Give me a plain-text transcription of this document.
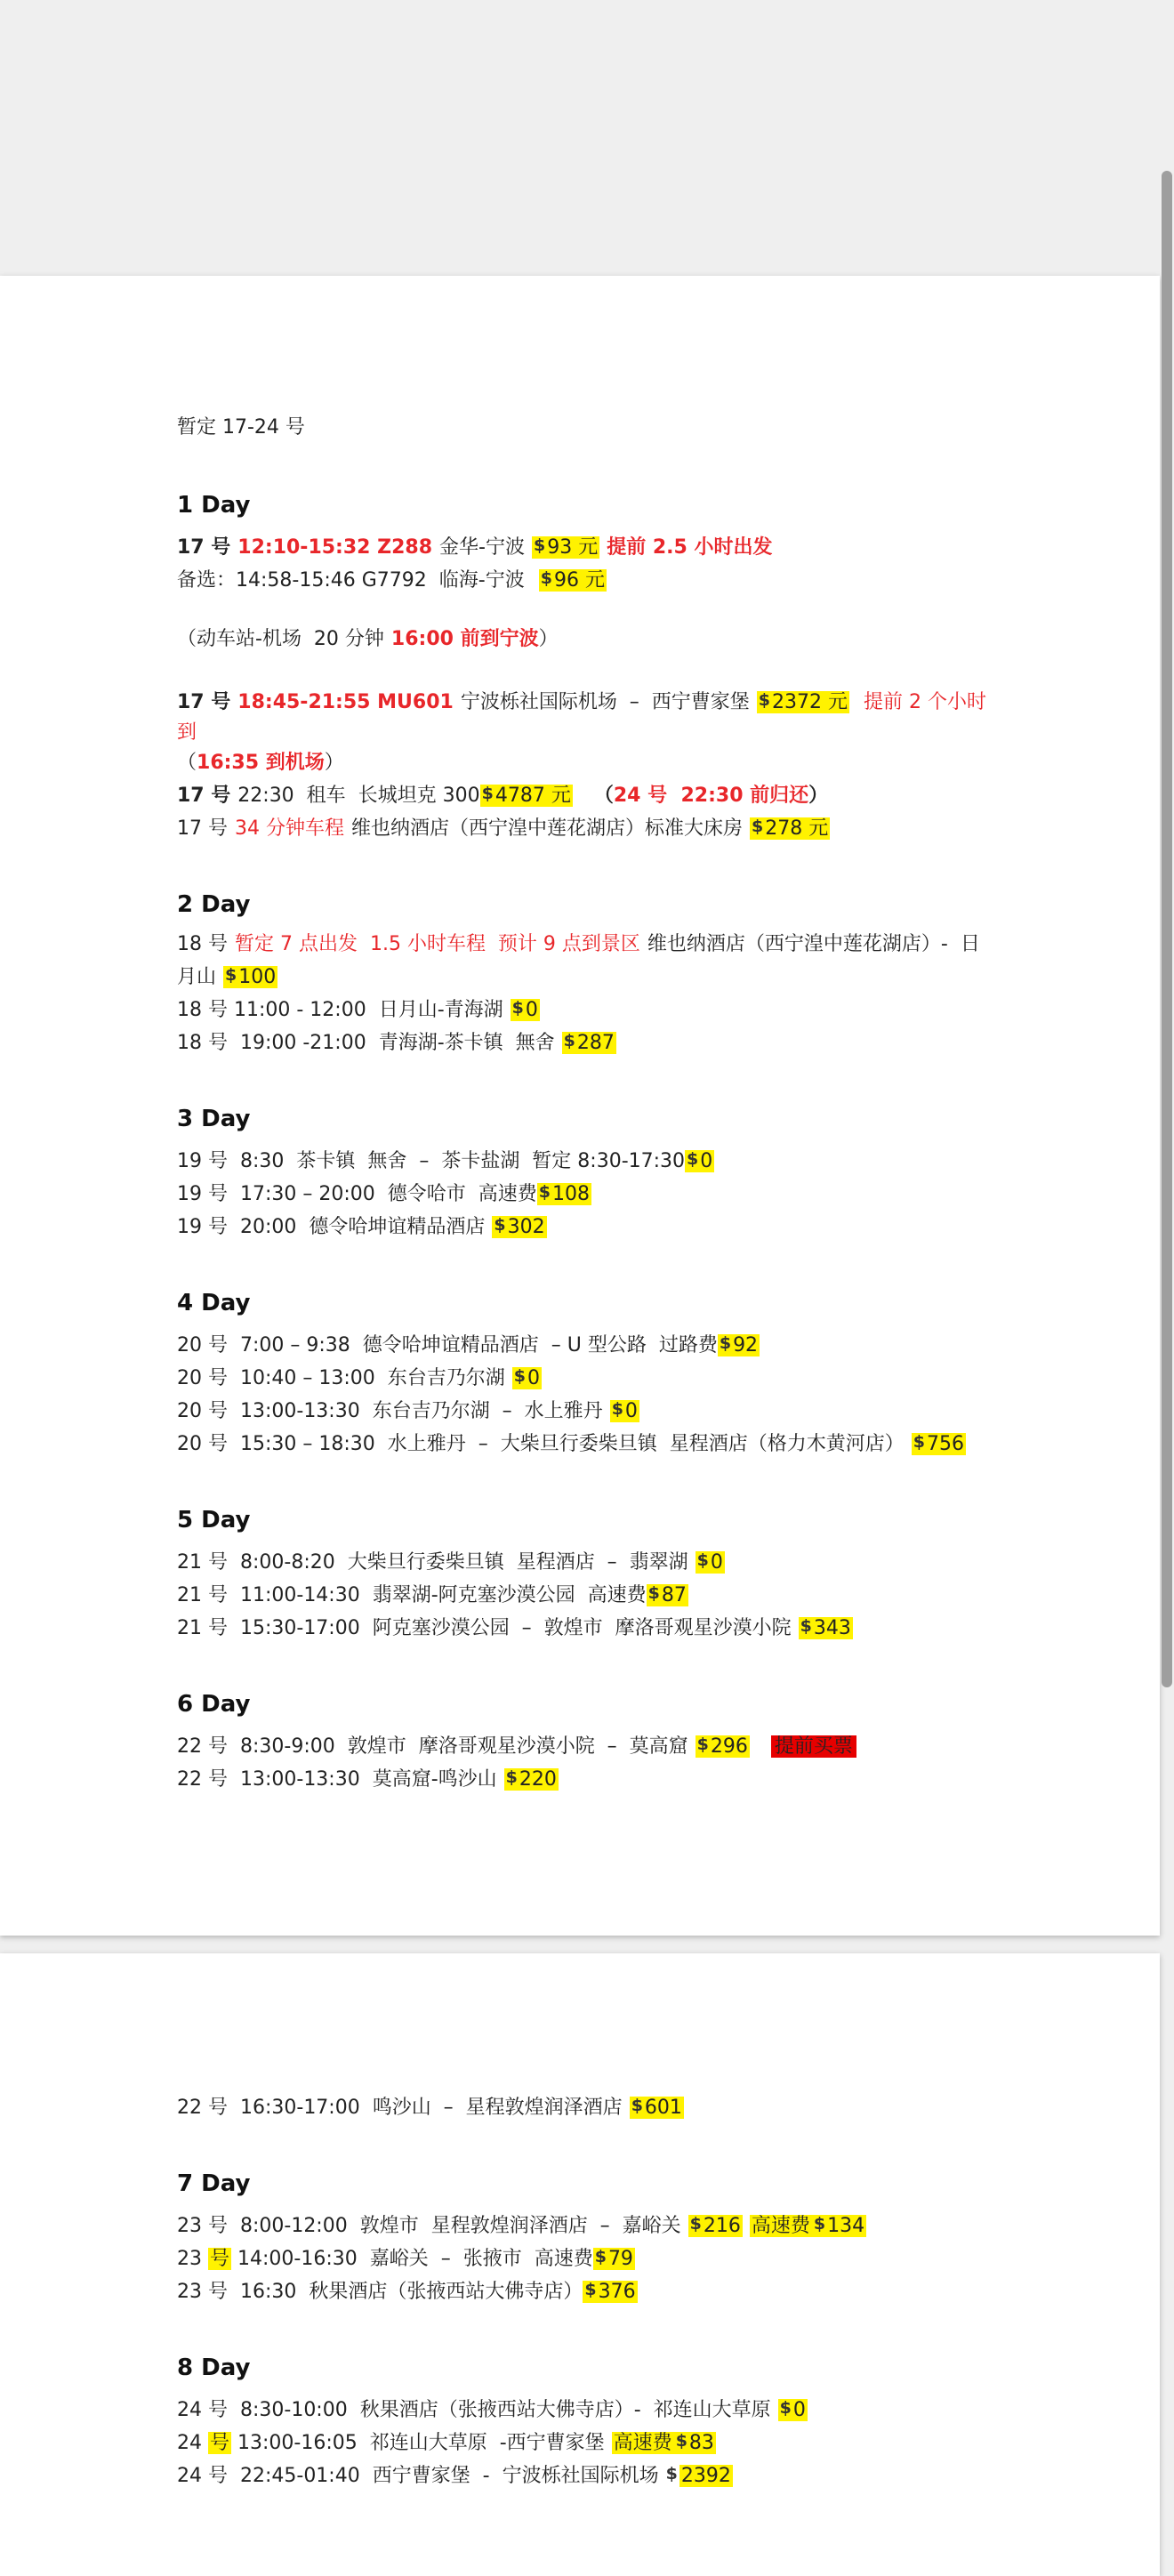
暂定 17-24 号
1 Day
17 号 12:10-15:32 Z288 金华-宁波 $93 元 提前 2.5 小时出发
备选：14:58-15:46 G7792  临海-宁波 $96 元
（动车站-机场  20 分钟 16:00 前到宁波）
17 号 18:45-21:55 MU601 宁波栎社国际机场  –  西宁曹家堡 $2372 元 提前 2 个小时到
（16:35 到机场）
17 号 22:30  租车  长城坦克 300 $4787 元 （24 号  22:30 前归还）
17 号 34 分钟车程 维也纳酒店（西宁湟中莲花湖店）标准大床房 $278 元
2 Day
18 号 暂定 7 点出发  1.5 小时车程  预计 9 点到景区 维也纳酒店（西宁湟中莲花湖店）-  日
月山 $100
18 号 11:00 - 12:00  日月山-青海湖 $0
18 号  19:00 -21:00  青海湖-茶卡镇  無舍 $287
3 Day
19 号  8:30  茶卡镇  無舍  –  茶卡盐湖  暂定 8:30-17:30 $0
19 号  17:30 – 20:00  德令哈市  高速费 $108
19 号  20:00  德令哈坤谊精品酒店 $302
4 Day
20 号  7:00 – 9:38  德令哈坤谊精品酒店  – U 型公路  过路费 $92
20 号  10:40 – 13:00  东台吉乃尔湖 $0
20 号  13:00-13:30  东台吉乃尔湖  –  水上雅丹 $0
20 号  15:30 – 18:30  水上雅丹  –  大柴旦行委柴旦镇  星程酒店（格力木黄河店） $756
5 Day
21 号  8:00-8:20  大柴旦行委柴旦镇  星程酒店  –  翡翠湖 $0
21 号  11:00-14:30  翡翠湖-阿克塞沙漠公园  高速费 $87
21 号  15:30-17:00  阿克塞沙漠公园  –  敦煌市  摩洛哥观星沙漠小院 $343
6 Day
22 号  8:30-9:00  敦煌市  摩洛哥观星沙漠小院  –  莫高窟 $296 提前买票
22 号  13:00-13:30  莫高窟-鸣沙山 $220
22 号  16:30-17:00  鸣沙山  –  星程敦煌润泽酒店 $601
7 Day
23 号  8:00-12:00  敦煌市  星程敦煌润泽酒店  –  嘉峪关 $216 高速费 $134
23 号 14:00-16:30  嘉峪关  –  张掖市  高速费 $79
23 号  16:30  秋果酒店（张掖西站大佛寺店） $376
8 Day
24 号  8:30-10:00  秋果酒店（张掖西站大佛寺店）-  祁连山大草原 $0
24 号 13:00-16:05  祁连山大草原  -西宁曹家堡 高速费 $83
24 号  22:45-01:40  西宁曹家堡  -  宁波栎社国际机场 $ 2392
